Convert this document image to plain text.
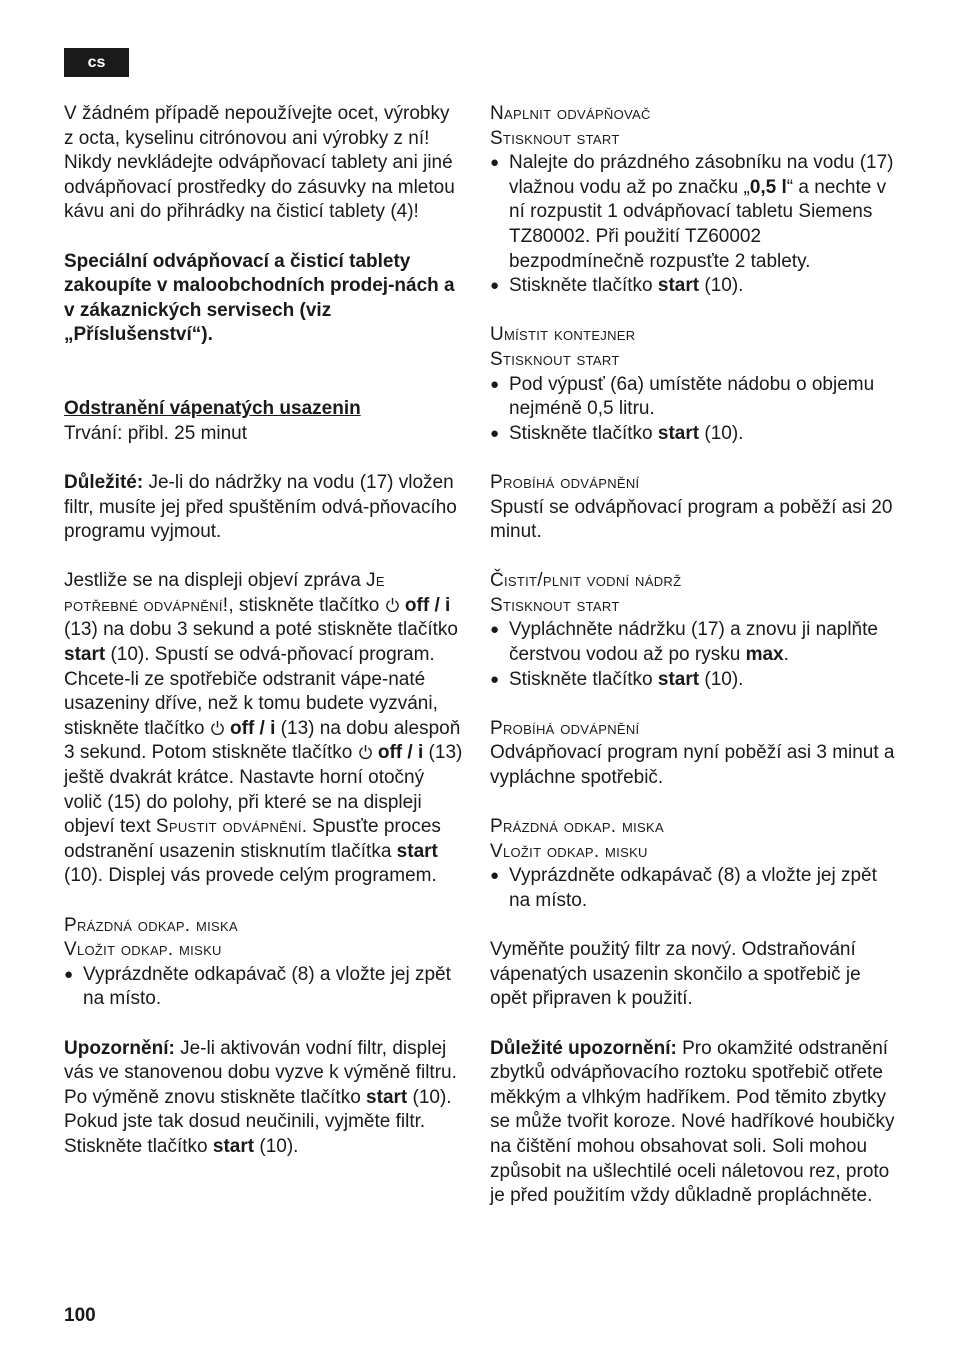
cs

V žádném případě nepoužívejte ocet, výrobky z octa, kyselinu citrónovou ani výrobky z ní!

Nikdy nevkládejte odvápňovací tablety ani jiné odvápňovací prostředky do zásuvky na mletou kávu ani do přihrádky na čisticí tablety (4)!

Speciální odvápňovací a čisticí tablety zakoupíte v maloobchodních prodej-nách a v zákaznických servisech (viz „Příslušenství“).

Odstranění vápenatých usazenin

Trvání: přibl. 25 minut

Důležité: Je-li do nádržky na vodu (17) vložen filtr, musíte jej před spuštěním odvá-pňovacího programu vyjmout.

Jestliže se na displeji objeví zpráva Je potřebné odvápnění!, stiskněte tlačítko  off / i (13) na dobu 3 sekund a poté stiskněte tlačítko start (10). Spustí se odvá-pňovací program.

Chcete-li ze spotřebiče odstranit vápe-naté usazeniny dříve, než k tomu budete vyzváni, stiskněte tlačítko  off / i (13) na dobu alespoň 3 sekund. Potom stiskněte tlačítko  off / i (13) ještě dvakrát krátce. Nastavte horní otočný volič (15) do polohy, při které se na displeji objeví text Spustit odvápnění. Spusťte proces odstranění usazenin stisknutím tlačítka start (10). Displej vás provede celým programem.

Prázdná odkap. miska

Vložit odkap. misku

● Vyprázdněte odkapávač (8) a vložte jej zpět na místo.

Upozornění: Je-li aktivován vodní filtr, displej vás ve stanovenou dobu vyzve k výměně filtru. Po výměně znovu stiskněte tlačítko start (10). Pokud jste tak dosud neučinili, vyjměte filtr. Stiskněte tlačítko start (10).

Naplnit odvápňovač

Stisknout start

● Nalejte do prázdného zásobníku na vodu (17) vlažnou vodu až po značku „0,5 l“ a nechte v ní rozpustit 1 odvápňovací tabletu Siemens TZ80002. Při použití TZ60002 bezpodmínečně rozpusťte 2 tablety.
● Stiskněte tlačítko start (10).

Umístit kontejner

Stisknout start

● Pod výpusť (6a) umístěte nádobu o objemu nejméně 0,5 litru.
● Stiskněte tlačítko start (10).

Probíhá odvápnění

Spustí se odvápňovací program a poběží asi 20 minut.

Čistit/plnit vodní nádrž

Stisknout start

● Vypláchněte nádržku (17) a znovu ji naplňte čerstvou vodou až po rysku max.
● Stiskněte tlačítko start (10).

Probíhá odvápnění

Odvápňovací program nyní poběží asi 3 minut a vypláchne spotřebič.

Prázdná odkap. miska

Vložit odkap. misku

● Vyprázdněte odkapávač (8) a vložte jej zpět na místo.

Vyměňte použitý filtr za nový. Odstraňování vápenatých usazenin skončilo a spotřebič je opět připraven k použití.

Důležité upozornění: Pro okamžité odstranění zbytků odvápňovacího roztoku spotřebič otřete měkkým a vlhkým hadříkem. Pod těmito zbytky se může tvořit koroze. Nové hadříkové houbičky na čištění mohou obsahovat soli. Soli mohou způsobit na ušlechtilé oceli náletovou rez, proto je před použitím vždy důkladně propláchněte.

100
